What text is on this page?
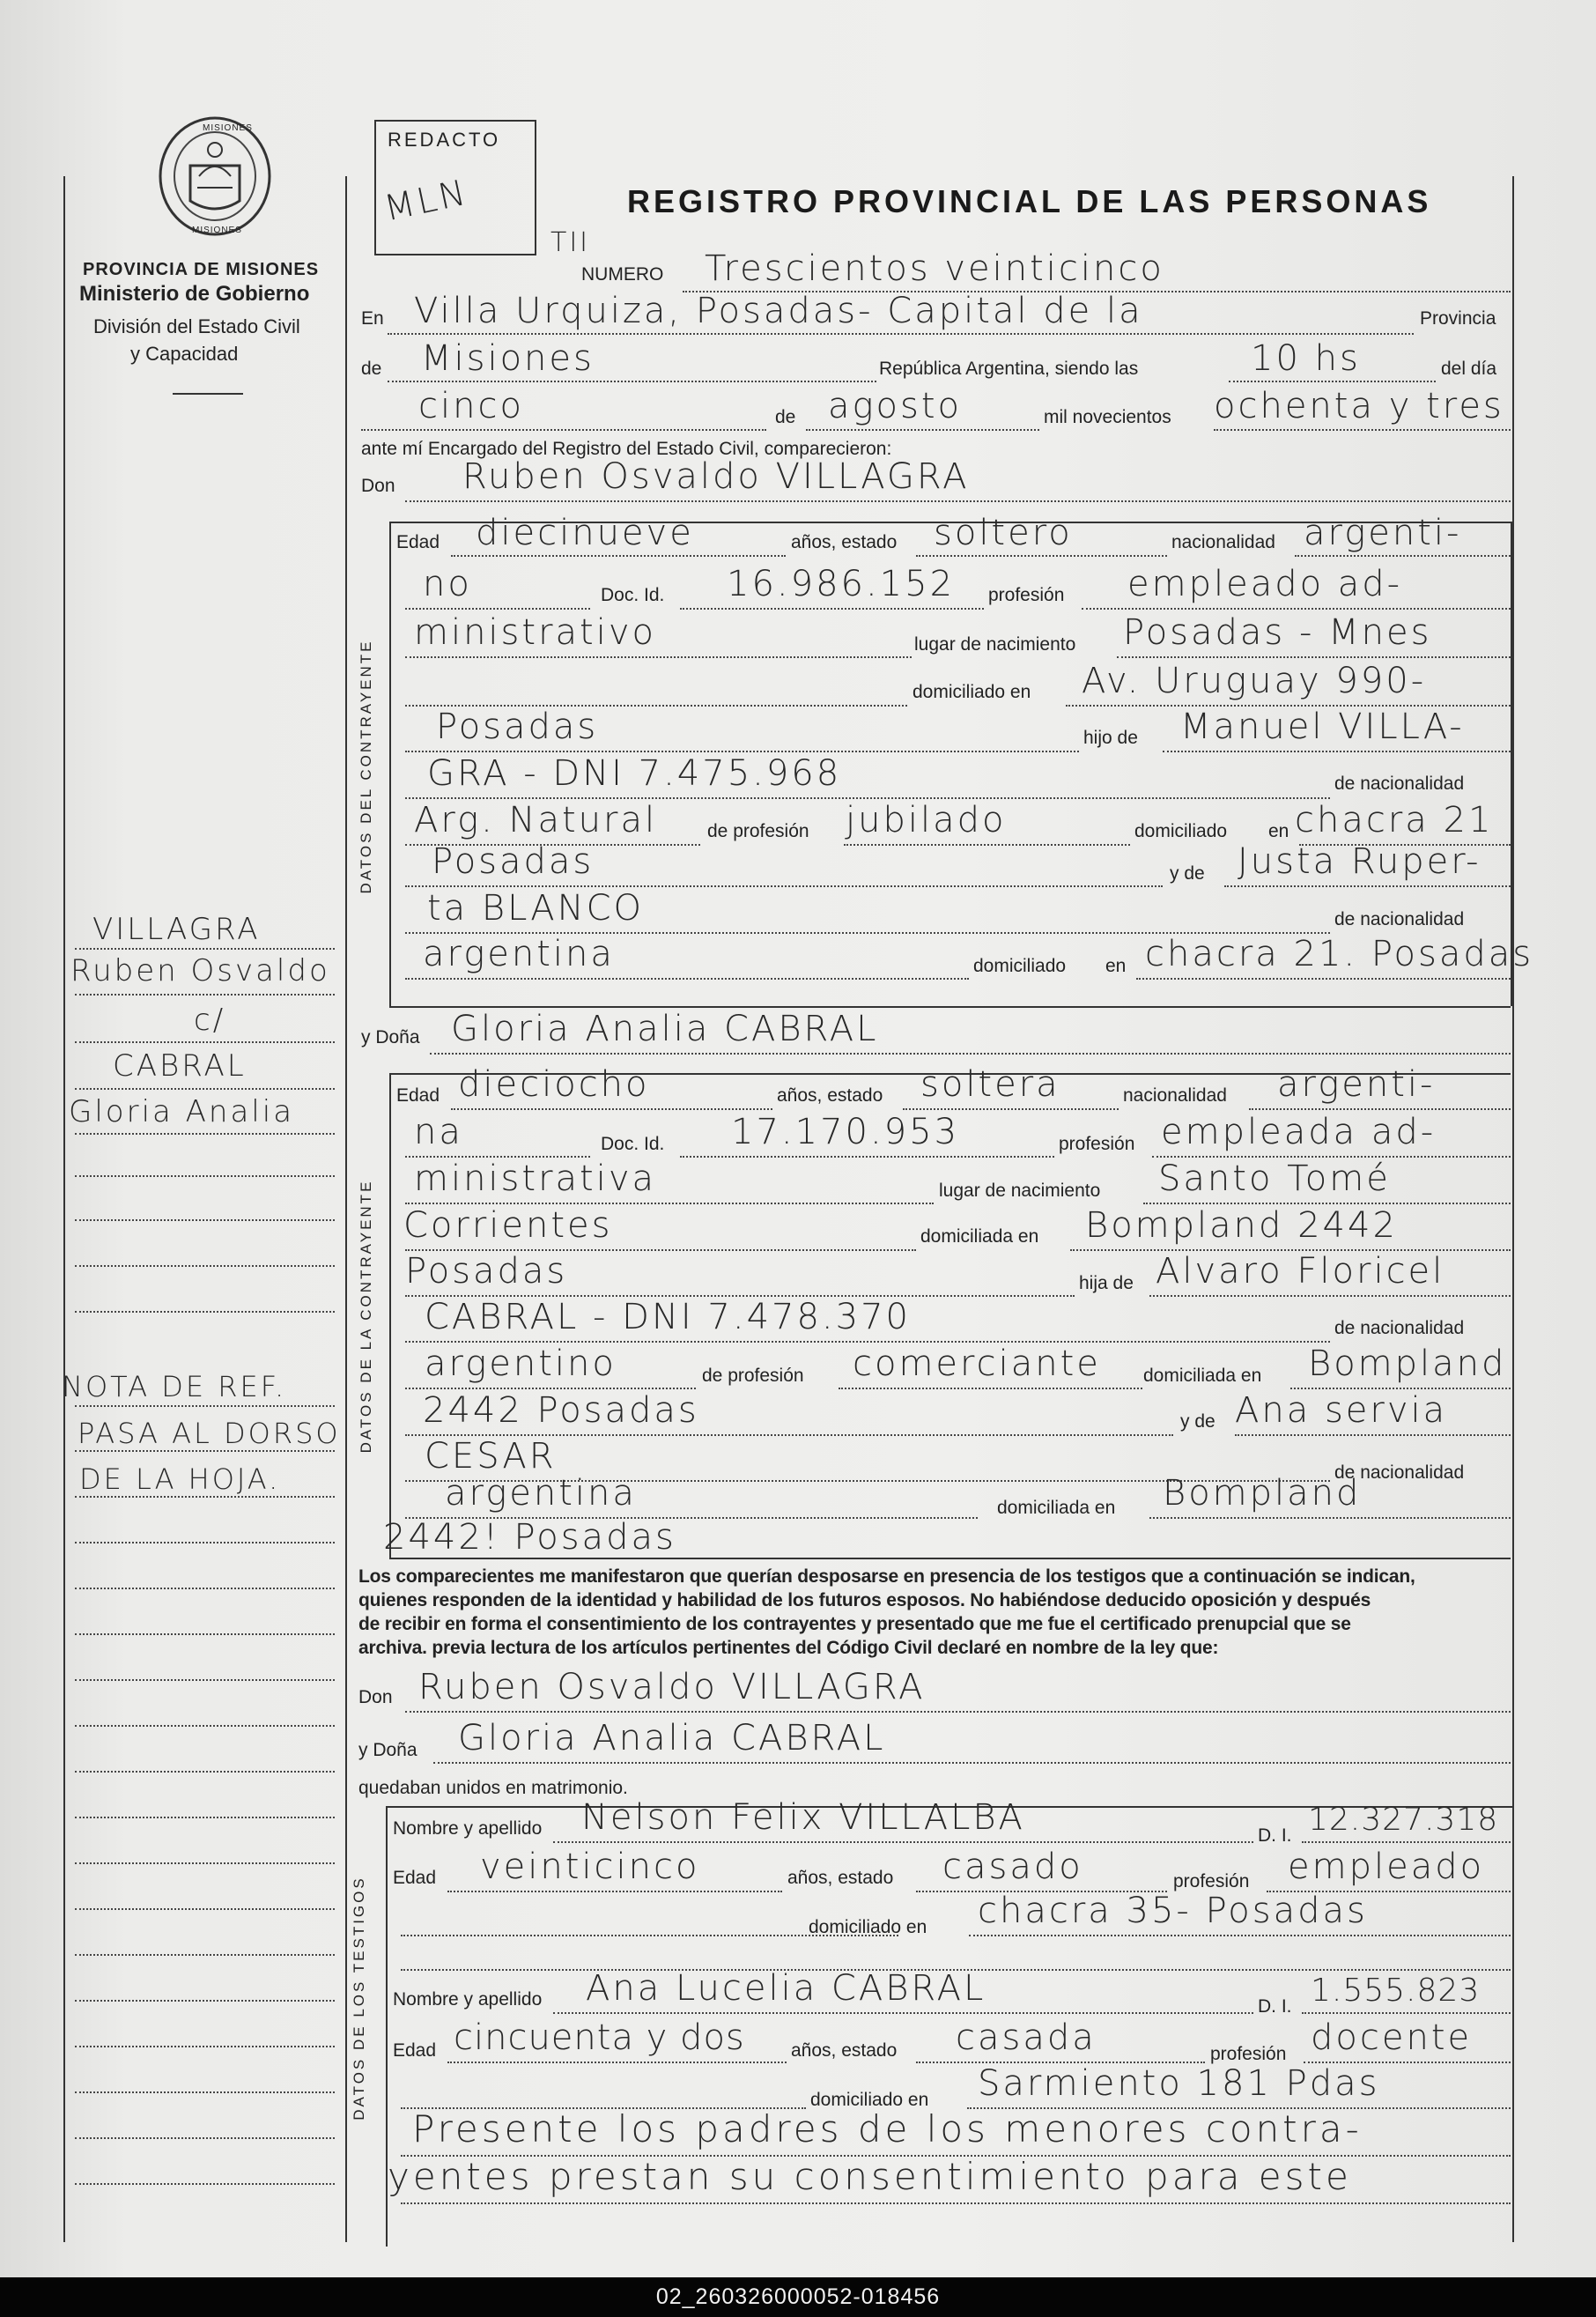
MISIONES
MISIONES
PROVINCIA DE MISIONES
Ministerio de Gobierno
División del Estado Civil
y Capacidad
REDACTO
MLN	REGISTRO PROVINCIAL DE LAS PERSONAS
TII
NUMERO Trescientos veinticinco
En Villa Urquiza, Posadas- Capital de la	Provincia
de Misiones	República Argentina, siendo las	10 hs	del día
cinco	de agosto	mil novecientos ochenta y tres
ante mí Encargado del Registro del Estado Civil, comparecieron:
Don Ruben Osvaldo VILLAGRA
DATOS DEL CONTRAYENTE
Edad diecinueve	años, estado soltero	nacionalidad argenti-
no	Doc. Id. 16.986.152 profesión empleado ad-
ministrativo	lugar de nacimiento Posadas - Mnes
domiciliado en Av. Uruguay 990-
Posadas	hijo de Manuel VILLA-
GRA - DNI 7.475.968	de nacionalidad
Arg. Natural	de profesión jubilado	domiciliado en chacra 21
Posadas	y de Justa Ruper-
ta BLANCO	de nacionalidad
argentina	domiciliado en chacra 21. Posadas
y Doña Gloria Analia CABRAL
DATOS DE LA CONTRAYENTE
Edad dieciocho	años, estado soltera	nacionalidad argenti-
na	Doc. Id. 17.170.953	profesión empleada ad-
ministrativa	lugar de nacimiento Santo Tomé
Corrientes	domiciliada en Bompland 2442
Posadas	hija de Alvaro Floricel
CABRAL - DNI 7.478.370	de nacionalidad
argentino	de profesión comerciante domiciliada en Bompland
2442 Posadas	y de Ana servia
CESAR	de nacionalidad
argentina	domiciliada en Bompland
2442! Posadas
VILLAGRA
Ruben Osvaldo
c/
CABRAL
Gloria Analia
NOTA DE REF.
PASA AL DORSO
DE LA HOJA.
Los comparecientes me manifestaron que querían desposarse en presencia de los testigos que a continuación se indican,
quienes responden de la identidad y habilidad de los futuros esposos. No habiéndose deducido oposición y después
de recibir en forma el consentimiento de los contrayentes y presentado que me fue el certificado prenupcial que se
archiva. previa lectura de los artículos pertinentes del Código Civil declaré en nombre de la ley que:
Don Ruben Osvaldo VILLAGRA
y Doña Gloria Analia CABRAL
quedaban unidos en matrimonio.
DATOS DE LOS TESTIGOS
Nombre y apellido Nelson Felix VILLALBA	D. I. 12.327.318
Edad veinticinco	años, estado casado	profesión empleado
domiciliado en chacra 35- Posadas
Nombre y apellido Ana Lucelia CABRAL	D. I. 1.555.823
Edad cincuenta y dos años, estado casada	profesión docente
domiciliado en Sarmiento 181 Pdas
Presente los padres de los menores contra-
yentes prestan su consentimiento para este
02_260326000052-018456
